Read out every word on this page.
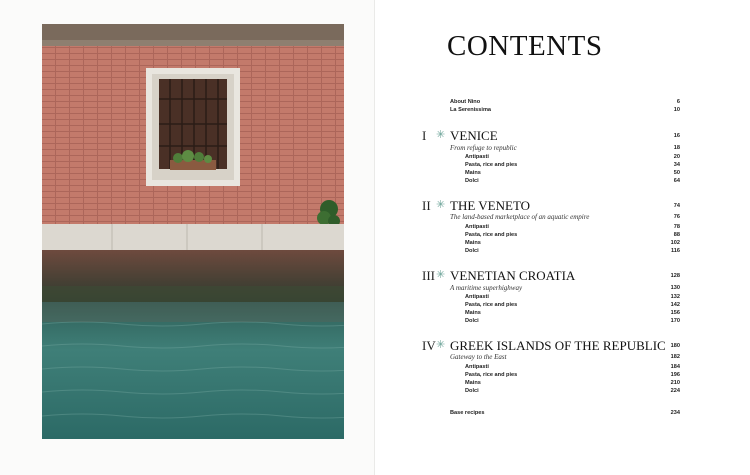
CONTENTS
About Nino	6
La Serenissima	10
I ✳ VENICE	16
From refuge to republic	18
Antipasti	20
Pasta, rice and pies	34
Mains	50
Dolci	64
II ✳ THE VENETO	74
The land-based marketplace of an aquatic empire	76
Antipasti	78
Pasta, rice and pies	88
Mains	102
Dolci	116
III ✳ VENETIAN CROATIA	128
A maritime superhighway	130
Antipasti	132
Pasta, rice and pies	142
Mains	156
Dolci	170
IV ✳ GREEK ISLANDS OF THE REPUBLIC 180
Gateway to the East	182
Antipasti	184
Pasta, rice and pies	196
Mains	210
Dolci	224
Base recipes	234
